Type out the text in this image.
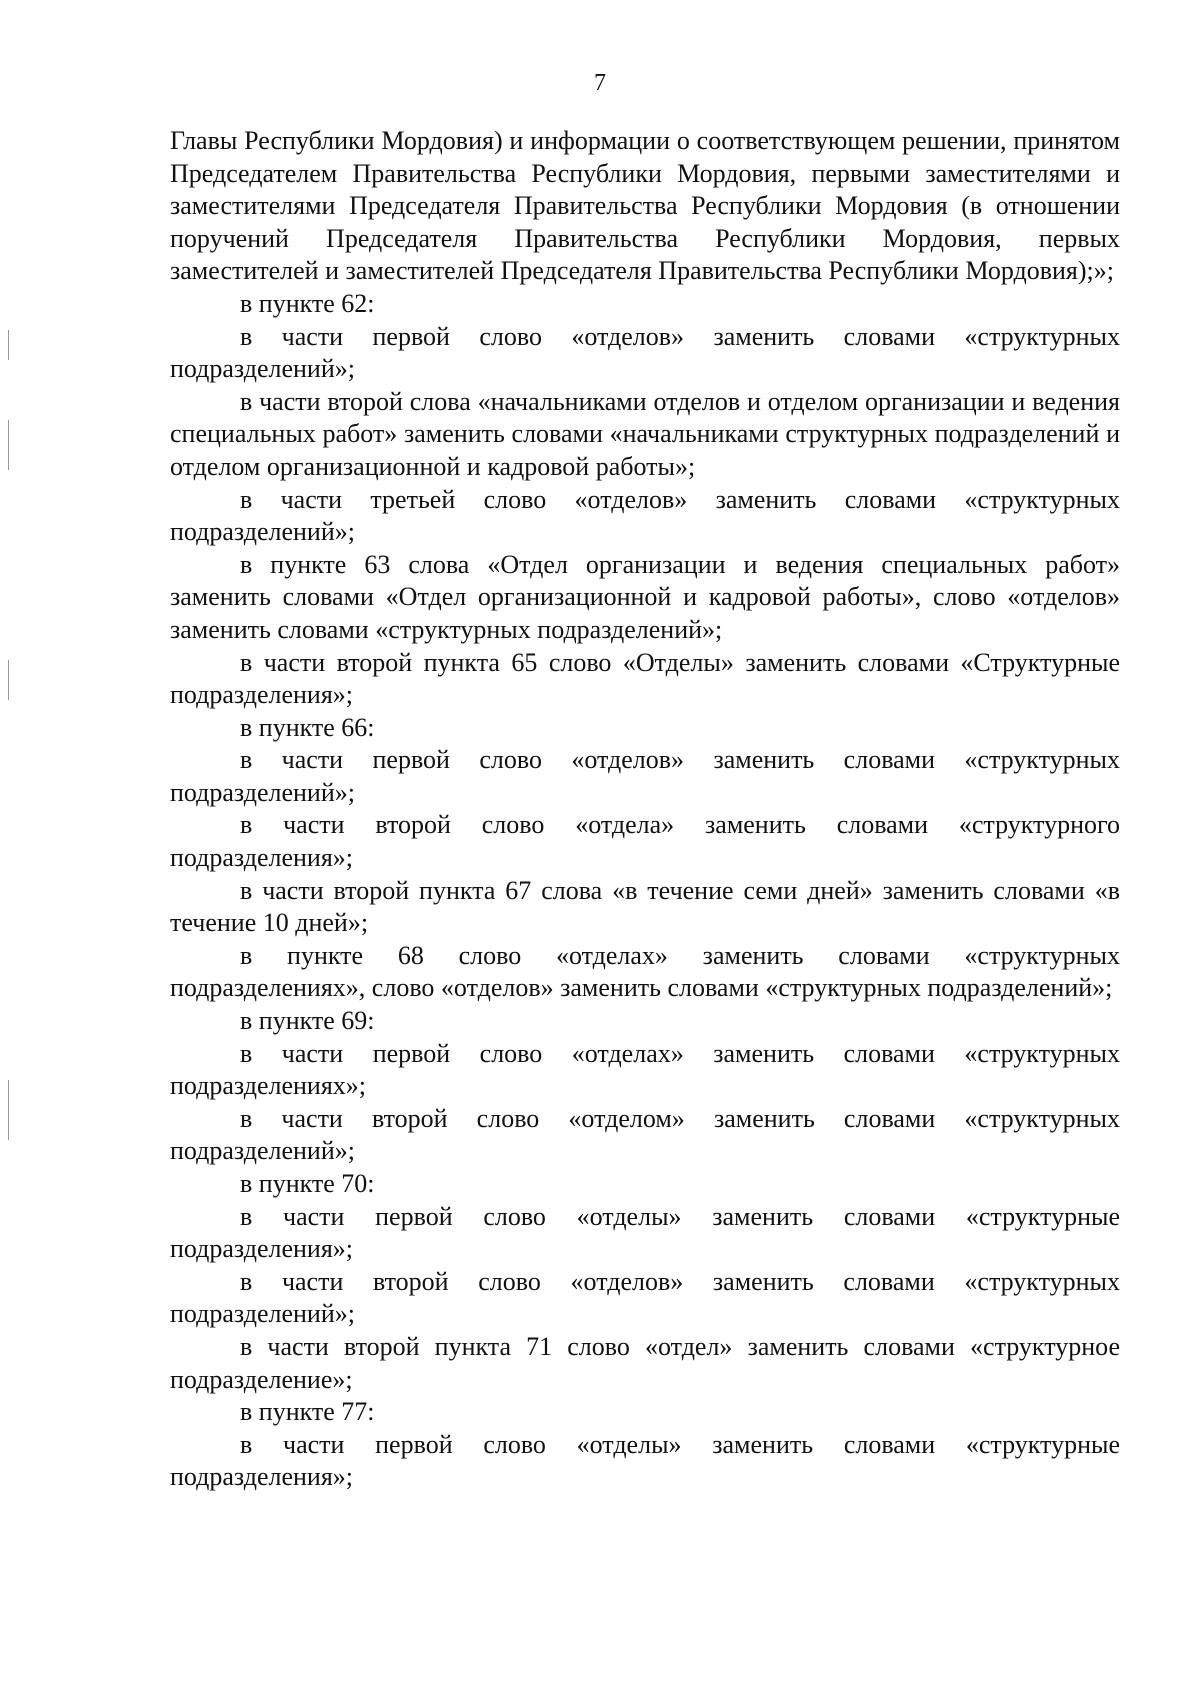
7

Главы Республики Мордовия) и информации о соответствующем решении, принятом Председателем Правительства Республики Мордовия, первыми заместителями и заместителями Председателя Правительства Республики Мордовия (в отношении поручений Председателя Правительства Республики Мордовия, первых заместителей и заместителей Председателя Правительства Республики Мордовия);»;

в пункте 62:

в части первой слово «отделов» заменить словами «структурных подразделений»;

в части второй слова «начальниками отделов и отделом организации и ведения специальных работ» заменить словами «начальниками структурных подразделений и отделом организационной и кадровой работы»;

в части третьей слово «отделов» заменить словами «структурных подразделений»;

в пункте 63 слова «Отдел организации и ведения специальных работ» заменить словами «Отдел организационной и кадровой работы», слово «отделов» заменить словами «структурных подразделений»;

в части второй пункта 65 слово «Отделы» заменить словами «Структурные подразделения»;

в пункте 66:

в части первой слово «отделов» заменить словами «структурных подразделений»;

в части второй слово «отдела» заменить словами «структурного подразделения»;

в части второй пункта 67 слова «в течение семи дней» заменить словами «в течение 10 дней»;

в пункте 68 слово «отделах» заменить словами «структурных подразделениях», слово «отделов» заменить словами «структурных подразделений»;

в пункте 69:

в части первой слово «отделах» заменить словами «структурных подразделениях»;

в части второй слово «отделом» заменить словами «структурных подразделений»;

в пункте 70:

в части первой слово «отделы» заменить словами «структурные подразделения»;

в части второй слово «отделов» заменить словами «структурных подразделений»;

в части второй пункта 71 слово «отдел» заменить словами «структурное подразделение»;

в пункте 77:

в части первой слово «отделы» заменить словами «структурные подразделения»;
